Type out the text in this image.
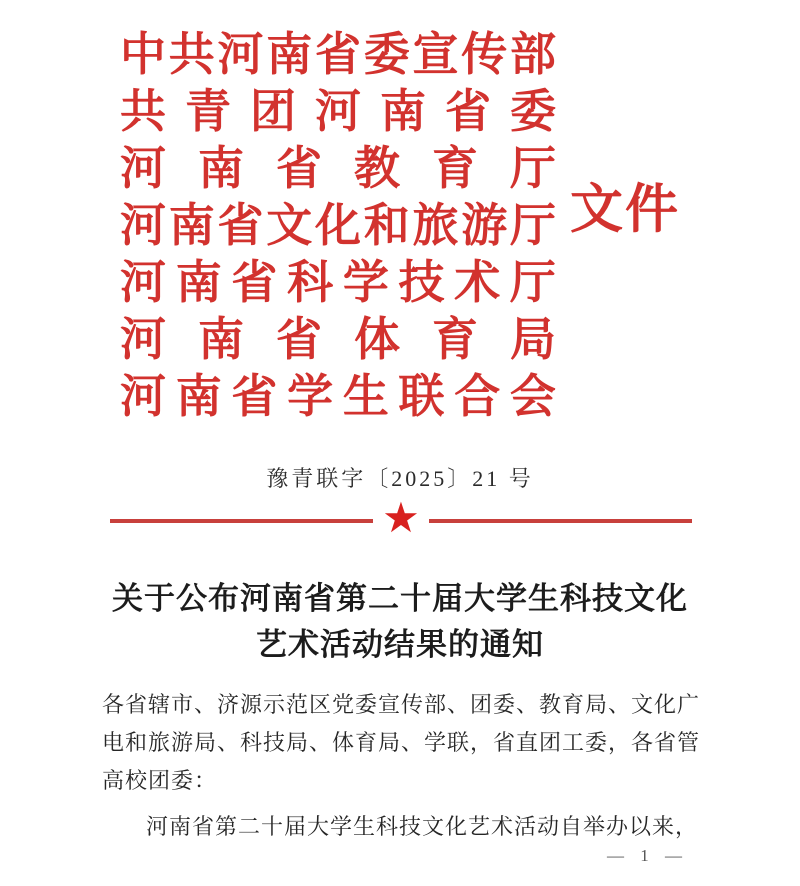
中 共 河 南 省 委 宣 传 部
共 青 团 河 南 省 委
河 南 省 教 育 厅
河 南 省 文 化 和 旅 游 厅
河 南 省 科 学 技 术 厅
河 南 省 体 育 局
河 南 省 学 生 联 合 会
文件
豫青联字〔2025〕21 号
★
关于公布河南省第二十届大学生科技文化
艺术活动结果的通知
各省辖市、济源示范区党委宣传部、团委、教育局、文化广
电和旅游局、科技局、体育局、学联，省直团工委，各省管
高校团委：
河南省第二十届大学生科技文化艺术活动自举办以来，
— 1 —
